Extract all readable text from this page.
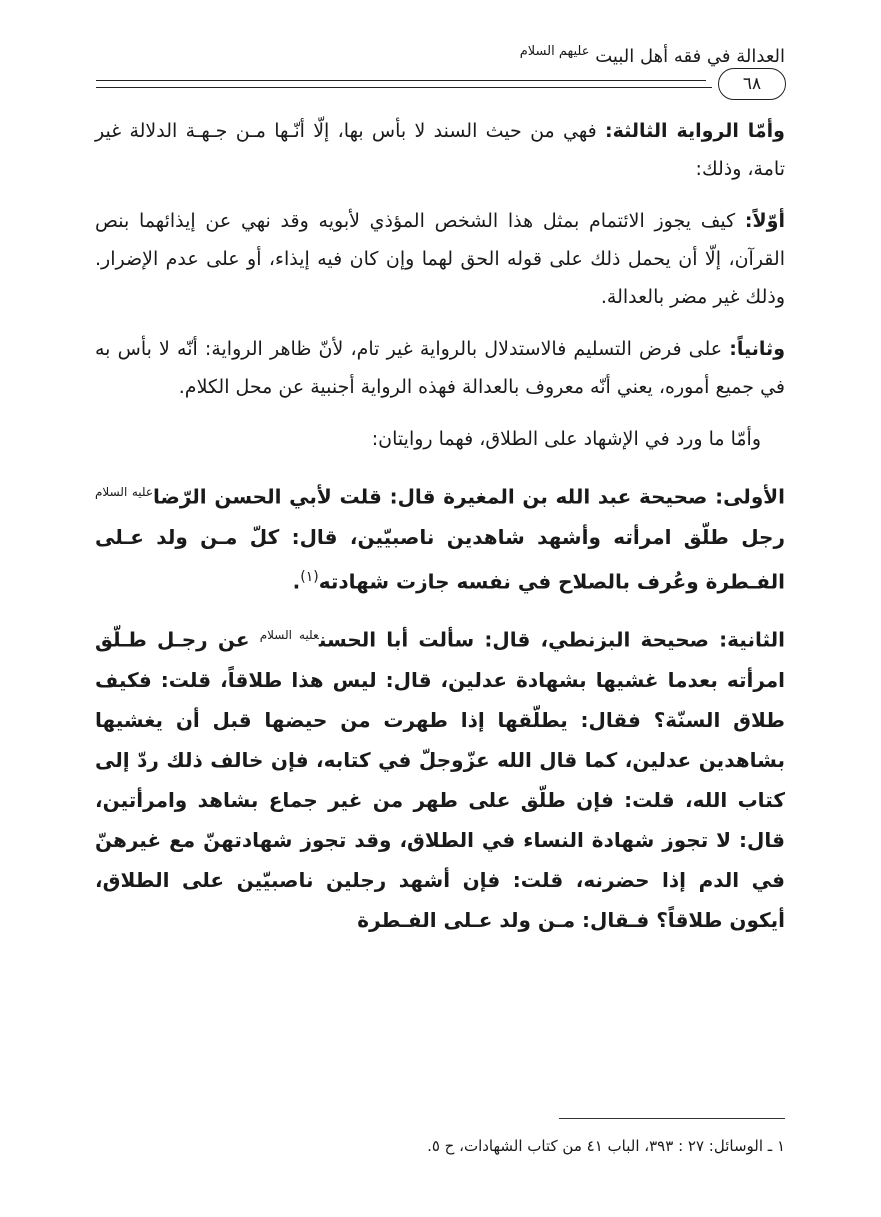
العدالة في فقه أهل البيت $^{عليهم السلام}$
٦٨

وأمّا الرواية الثالثة: فهي من حيث السند لا بأس بها، إلّا أنّـها مـن جـهـة الدلالة غير تامة، وذلك:

أوّلاً: كيف يجوز الائتمام بمثل هذا الشخص المؤذي لأبويه وقد نهي عن إيذائهما بنص القرآن، إلّا أن يحمل ذلك على قوله الحق لهما وإن كان فيه إيذاء، أو على عدم الإضرار. وذلك غير مضر بالعدالة.

وثانياً: على فرض التسليم فالاستدلال بالرواية غير تام، لأنّ ظاهر الرواية: أنّه لا بأس به في جميع أموره، يعني أنّه معروف بالعدالة فهذه الرواية أجنبية عن محل الكلام.

وأمّا ما ورد في الإشهاد على الطلاق، فهما روايتان:

الأولى: صحيحة عبد الله بن المغيرة قال: قلت لأبي الحسن الرّضا$^{عليه السلام}$ رجل طلّق امرأته وأشهد شاهدين ناصبيّين، قال: كلّ مـن ولد عـلى الفـطرة وعُرف بالصلاح في نفسه جازت شهادته$^{(١)}$.

الثانية: صحيحة البزنطي، قال: سألت أبا الحسن$^{عليه السلام}$ عن رجـل طـلّق امرأته بعدما غشيها بشهادة عدلين، قال: ليس هذا طلاقاً، قلت: فكيف طلاق السنّة؟ فقال: يطلّقها إذا طهرت من حيضها قبل أن يغشيها بشاهدين عدلين، كما قال الله عزّوجلّ في كتابه، فإن خالف ذلك ردّ إلى كتاب الله، قلت: فإن طلّق على طهر من غير جماع بشاهد وامرأتين، قال: لا تجوز شهادة النساء في الطلاق، وقد تجوز شهادتهنّ مع غيرهنّ في الدم إذا حضرنه، قلت: فإن أشهد رجلين ناصبيّين على الطلاق، أيكون طلاقاً؟ فـقال: مـن ولد عـلى الفـطرة

١ ـ الوسائل: ٢٧ : ٣٩٣، الباب ٤١ من كتاب الشهادات، ح ٥.
